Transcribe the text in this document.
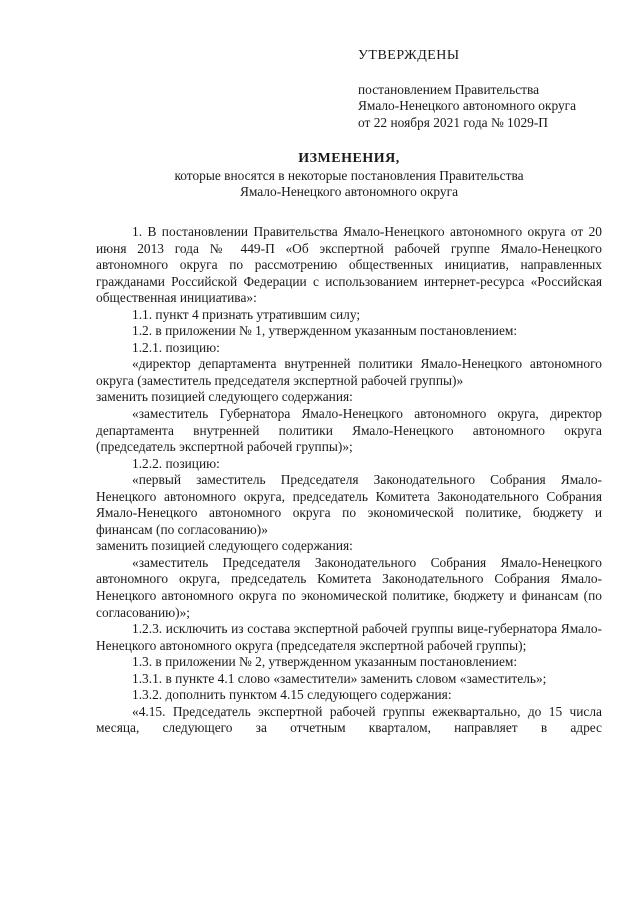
УТВЕРЖДЕНЫ
постановлением Правительства
Ямало-Ненецкого автономного округа
от 22 ноября 2021 года № 1029-П
ИЗМЕНЕНИЯ,
которые вносятся в некоторые постановления Правительства
Ямало-Ненецкого автономного округа

1. В постановлении Правительства Ямало-Ненецкого автономного округа от 20 июня 2013 года № 449-П «Об экспертной рабочей группе Ямало-Ненецкого автономного округа по рассмотрению общественных инициатив, направленных гражданами Российской Федерации с использованием интернет-ресурса «Российская общественная инициатива»:

1.1. пункт 4 признать утратившим силу;

1.2. в приложении № 1, утвержденном указанным постановлением:

1.2.1. позицию:

«директор департамента внутренней политики Ямало-Ненецкого автономного округа (заместитель председателя экспертной рабочей группы)»

заменить позицией следующего содержания:

«заместитель Губернатора Ямало-Ненецкого автономного округа, директор департамента внутренней политики Ямало-Ненецкого автономного округа (председатель экспертной рабочей группы)»;

1.2.2. позицию:

«первый заместитель Председателя Законодательного Собрания Ямало-Ненецкого автономного округа, председатель Комитета Законодательного Собрания Ямало-Ненецкого автономного округа по экономической политике, бюджету и финансам (по согласованию)»

заменить позицией следующего содержания:

«заместитель Председателя Законодательного Собрания Ямало-Ненецкого автономного округа, председатель Комитета Законодательного Собрания Ямало-Ненецкого автономного округа по экономической политике, бюджету и финансам (по согласованию)»;

1.2.3. исключить из состава экспертной рабочей группы вице-губернатора Ямало-Ненецкого автономного округа (председателя экспертной рабочей группы);

1.3. в приложении № 2, утвержденном указанным постановлением:

1.3.1. в пункте 4.1 слово «заместители» заменить словом «заместитель»;

1.3.2. дополнить пунктом 4.15 следующего содержания:

«4.15. Председатель экспертной рабочей группы ежеквартально, до 15 числа месяца, следующего за отчетным кварталом, направляет в адрес
